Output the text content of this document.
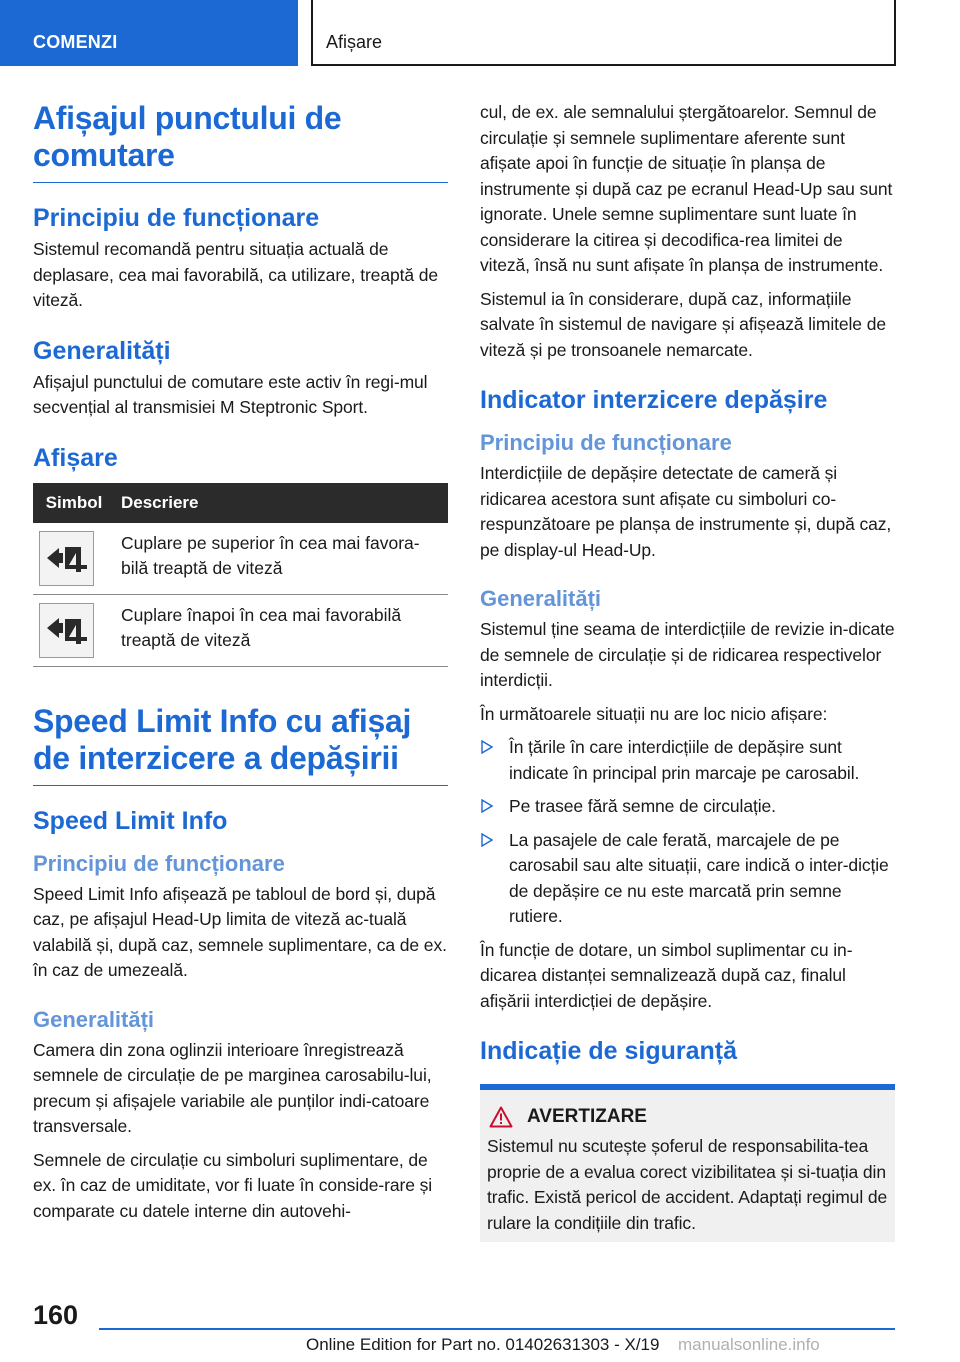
COMENZI	Afișare
Afișajul punctului de comutare
Principiu de funcționare

Sistemul recomandă pentru situația actuală de deplasare, cea mai favorabilă, ca utilizare, treaptă de viteză.

Generalități

Afișajul punctului de comutare este activ în regi-mul secvențial al transmisiei M Steptronic Sport.

Afișare
Simbol	Descriere

	Cuplare pe superior în cea mai favora-bilă treaptă de viteză

	Cuplare înapoi în cea mai favorabilă treaptă de viteză
Speed Limit Info cu afișaj de interzicere a depășirii
Speed Limit Info
Principiu de funcționare

Speed Limit Info afișează pe tabloul de bord și, după caz, pe afișajul Head-Up limita de viteză ac-tuală valabilă și, după caz, semnele suplimentare, ca de ex. în caz de umezeală.

Generalități

Camera din zona oglinzii interioare înregistrează semnele de circulație de pe marginea carosabilu-lui, precum și afișajele variabile ale punților indi-catoare transversale.

Semnele de circulație cu simboluri suplimentare, de ex. în caz de umiditate, vor fi luate în conside-rare și comparate cu datele interne din autovehi-

cul, de ex. ale semnalului ștergătoarelor. Semnul de circulație și semnele suplimentare aferente sunt afișate apoi în funcție de situație în planșa de instrumente și după caz pe ecranul Head-Up sau sunt ignorate. Unele semne suplimentare sunt luate în considerare la citirea și decodifica-rea limitei de viteză, însă nu sunt afișate în planșa de instrumente.

Sistemul ia în considerare, după caz, informațiile salvate în sistemul de navigare și afișează limitele de viteză și pe tronsoanele nemarcate.

Indicator interzicere depășire
Principiu de funcționare

Interdicțiile de depășire detectate de cameră și ridicarea acestora sunt afișate cu simboluri co-respunzătoare pe planșa de instrumente și, după caz, pe display-ul Head-Up.

Generalități

Sistemul ține seama de interdicțiile de revizie in-dicate de semnele de circulație și de ridicarea respectivelor interdicții.

În următoarele situații nu are loc nicio afișare:

În țările în care interdicțiile de depășire sunt indicate în principal prin marcaje pe carosabil.
Pe trasee fără semne de circulație.
La pasajele de cale ferată, marcajele de pe carosabil sau alte situații, care indică o inter-dicție de depășire ce nu este marcată prin semne rutiere.

În funcție de dotare, un simbol suplimentar cu in-dicarea distanței semnalizează după caz, finalul afișării interdicției de depășire.

Indicație de siguranță
AVERTIZARE

Sistemul nu scutește șoferul de responsabilita-tea proprie de a evalua corect vizibilitatea și si-tuația din trafic. Există pericol de accident. Adaptați regimul de rulare la condițiile din trafic.

160
Online Edition for Part no. 01402631303 - X/19 manualsonline.info
